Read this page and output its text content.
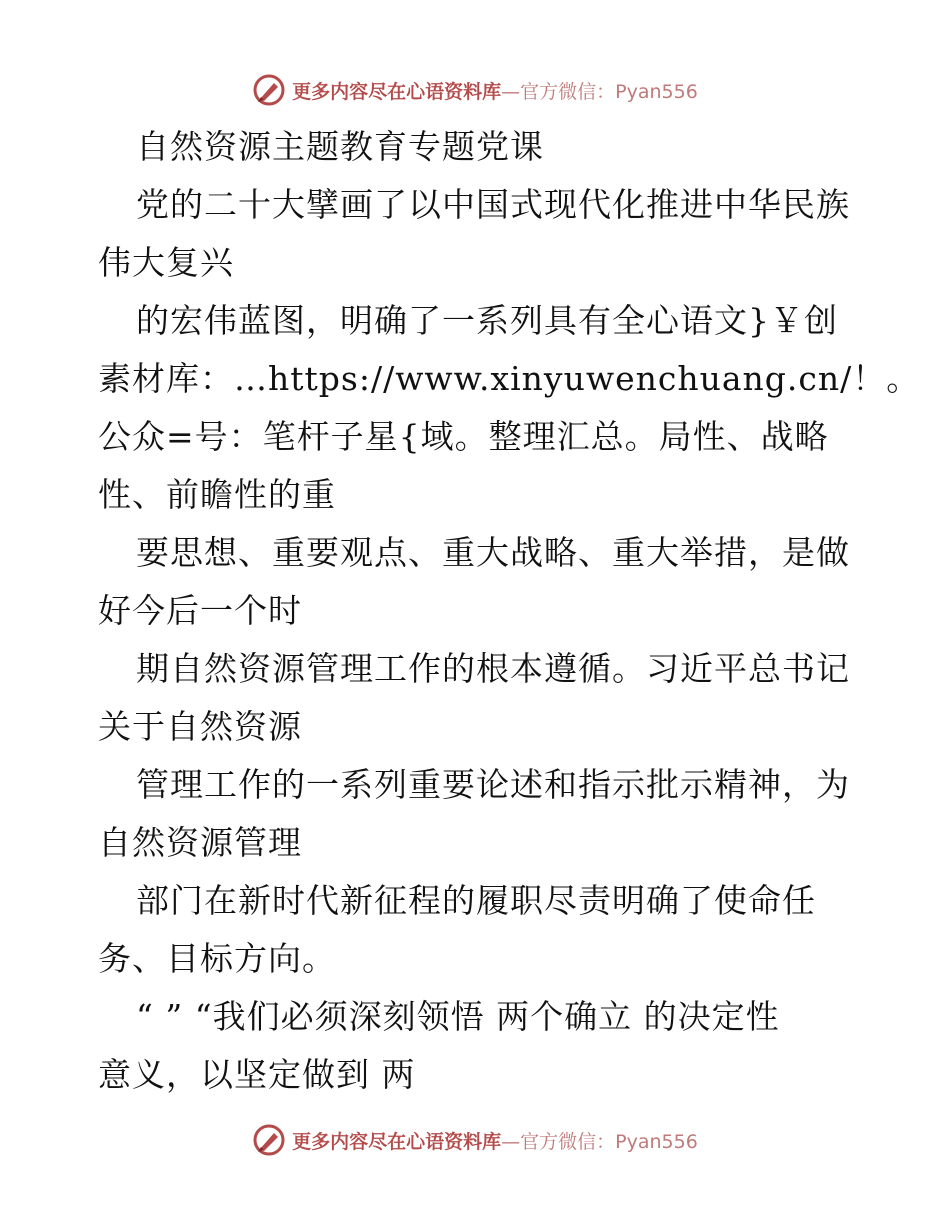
更多内容尽在心语资料库—官方微信：Pyan556
自然资源主题教育专题党课
党的二十大擘画了以中国式现代化推进中华民族
伟大复兴
的宏伟蓝图，明确了一系列具有全心语文}￥创
素材库：…https://www.xinyuwenchuang.cn/！。
公众=号：笔杆子星{域。整理汇总。局性、战略
性、前瞻性的重
要思想、重要观点、重大战略、重大举措，是做
好今后一个时
期自然资源管理工作的根本遵循。习近平总书记
关于自然资源
管理工作的一系列重要论述和指示批示精神，为
自然资源管理
部门在新时代新征程的履职尽责明确了使命任
务、目标方向。
“ ” “我们必须深刻领悟 两个确立 的决定性
意义，以坚定做到 两
更多内容尽在心语资料库—官方微信：Pyan556
